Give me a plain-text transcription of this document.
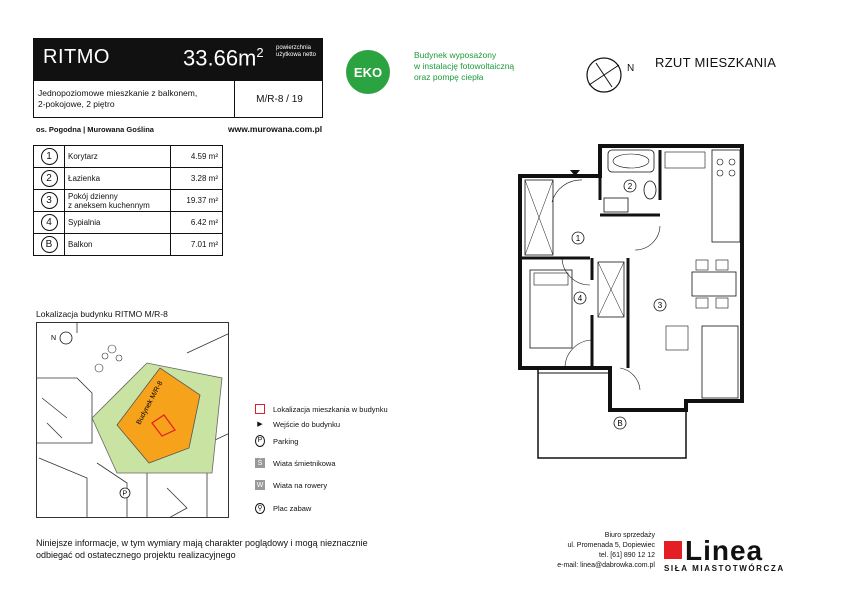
RITMO	$33.66m^2$ powierzchnia użytkowa netto
Jednopoziomowe mieszkanie z balkonem,
2-pokojowe, 2 piętro	M/R-8 / 19
os. Pogodna | Murowana Goślina	www.murowana.com.pl
EKO
Budynek wyposażony
w instalację fotowoltaiczną
oraz pompę ciepła
N RZUT MIESZKANIA
1	Korytarz	4.59 m²
2	Łazienka	3.28 m²
3	Pokój dzienny
z aneksem kuchennym	19.37 m²
4	Sypialnia	6.42 m²
B	Balkon	7.01 m²
Lokalizacja budynku RITMO M/R-8
Budynek M/R-8
N
P
Lokalizacja mieszkania w budynku
▶	Wejście do budynku
P	Parking
Ś	Wiata śmietnikowa
W Wiata na rowery
⚲	Plac zabaw
1
2
3
4
B
Niniejsze informacje, w tym wymiary mają charakter poglądowy i mogą nieznacznie
odbiegać od ostatecznego projektu realizacyjnego
Biuro sprzedaży
ul. Promenada 5, Dopiewiec
tel. [61] 890 12 12
e-mail: linea@dabrowka.com.pl	Linea
SIŁA MIASTOTWÓRCZA
